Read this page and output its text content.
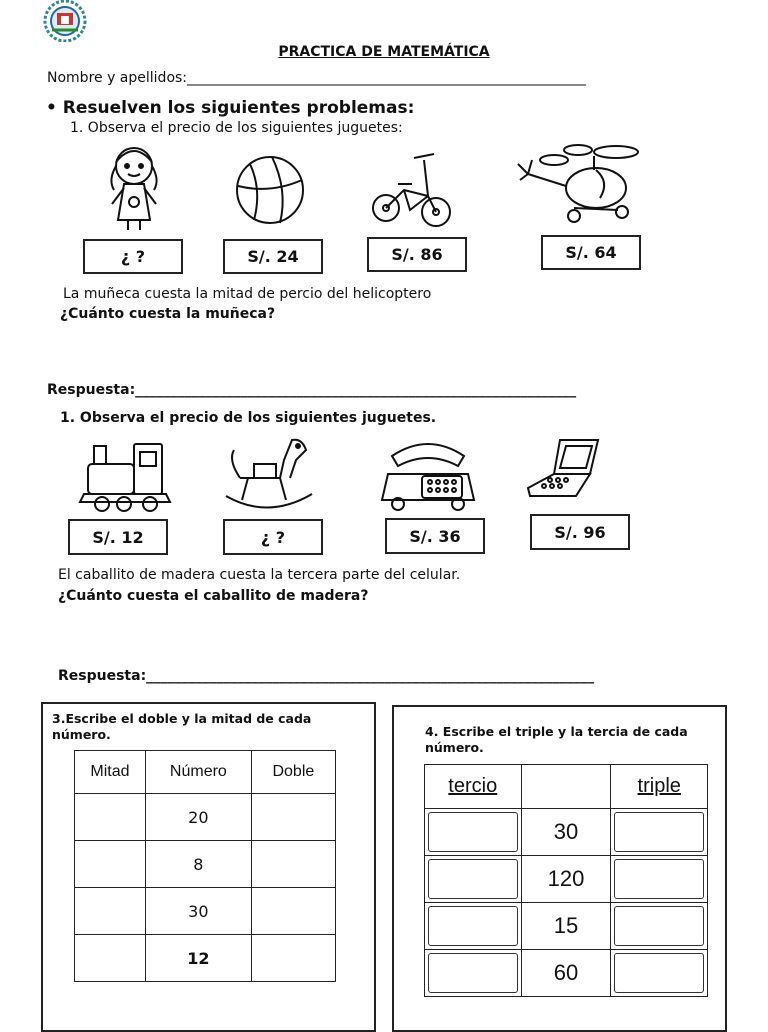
PRACTICA DE MATEMÁTICA
Nombre y apellidos:_________________________________________________________
• Resuelven los siguientes problemas:
1. Observa el precio de los siguientes juguetes:
¿ ?	S/. 24	S/. 86	S/. 64
La muñeca cuesta la mitad de percio del helicoptero
¿Cuánto cuesta la muñeca?
Respuesta:_______________________________________________________________
1. Observa el precio de los siguientes juguetes.
S/. 12	¿ ?	S/. 36	S/. 96
El caballito de madera cuesta la tercera parte del celular.
¿Cuánto cuesta el caballito de madera?
Respuesta:________________________________________________________________
3.Escribe el doble y la mitad de cada número.
Mitad	Número	Doble
	20	
	8	
	30	
	12	
4. Escribe el triple y la tercia de cada número.
tercio		triple

	30	

	120	

	15	

	60	
